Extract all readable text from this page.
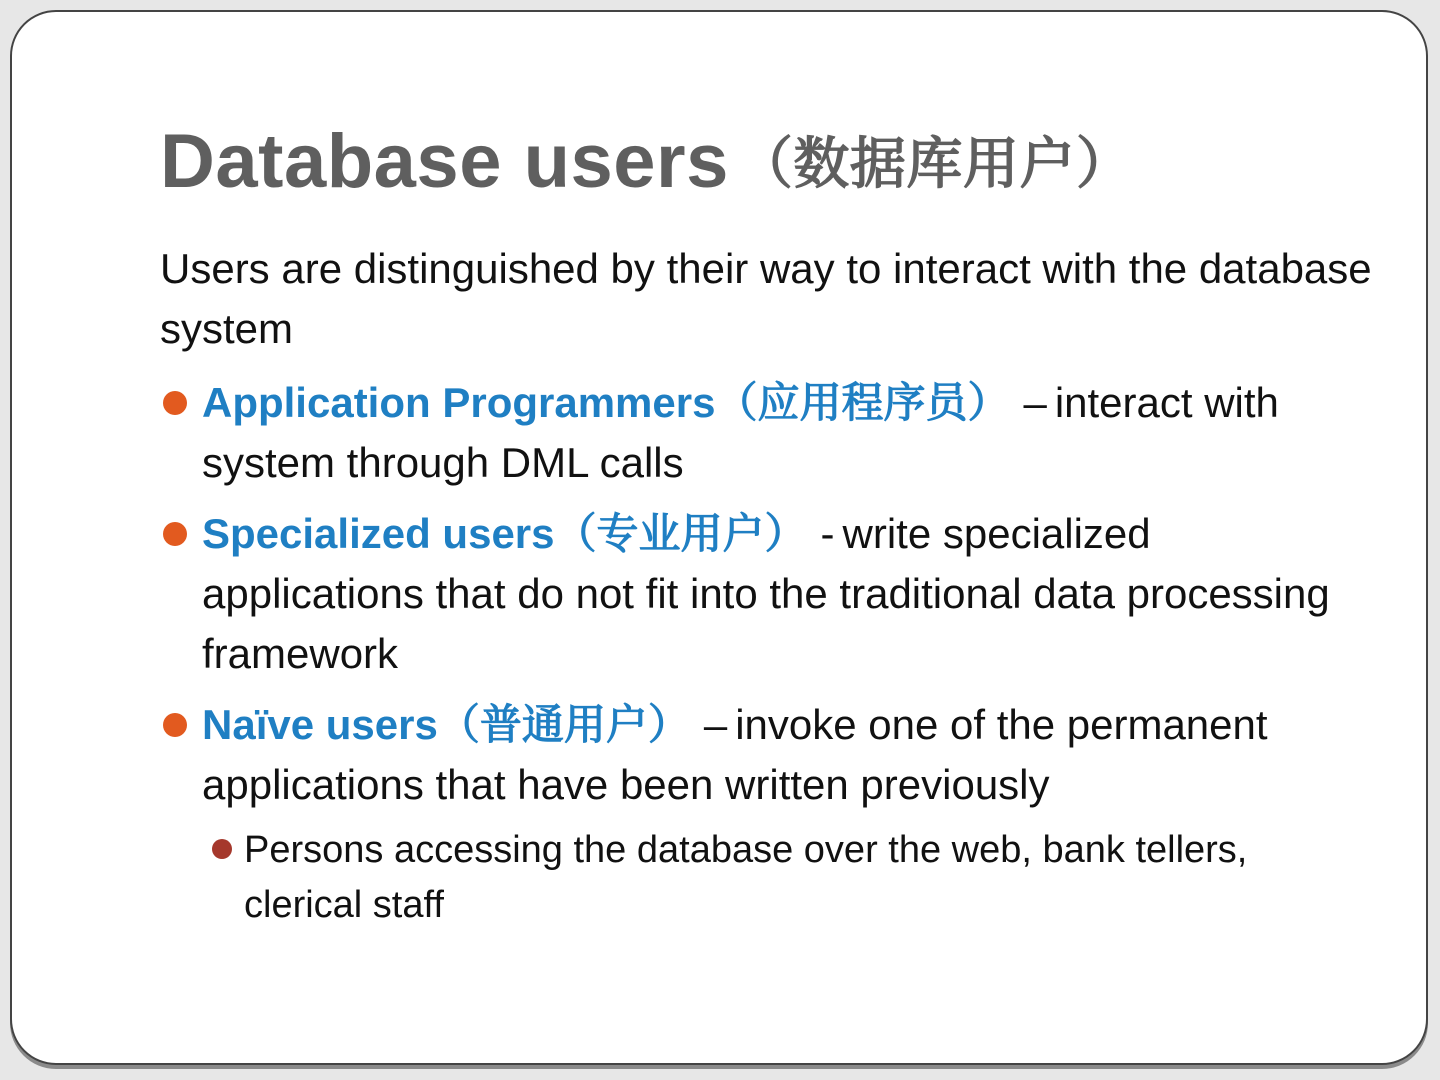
Database users （数据库用户）
Users are distinguished by their way to interact with the database system
Application Programmers（应用程序员） – interact with system through DML calls
Specialized users（专业用户） - write specialized applications that do not fit into the traditional data processing framework
Naïve users（普通用户） – invoke one of the permanent applications that have been written previously
Persons accessing the database over the web, bank tellers, clerical staff
